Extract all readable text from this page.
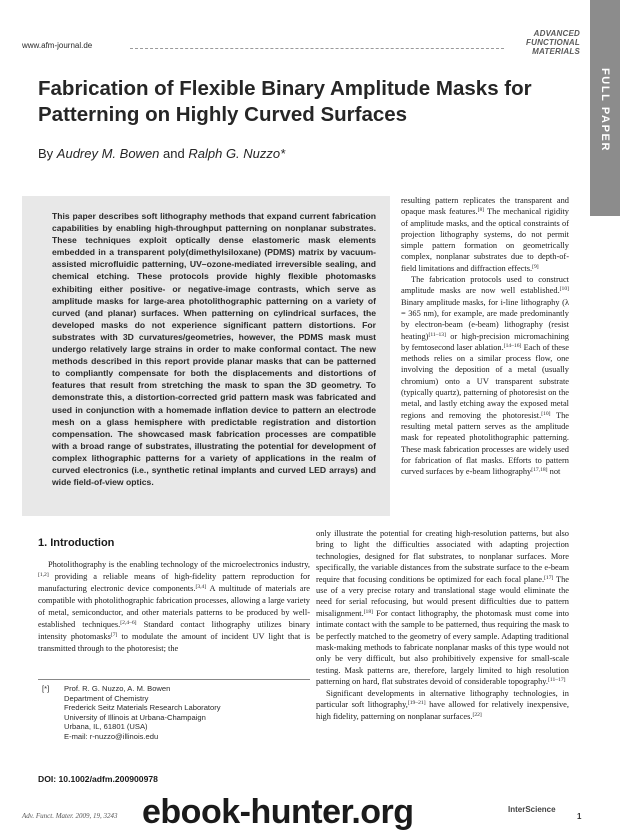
www.afm-journal.de
ADVANCED
FUNCTIONAL
MATERIALS
FULL PAPER
Fabrication of Flexible Binary Amplitude Masks for Patterning on Highly Curved Surfaces
By Audrey M. Bowen and Ralph G. Nuzzo*
This paper describes soft lithography methods that expand current fabrication capabilities by enabling high-throughput patterning on nonplanar substrates. These techniques exploit optically dense elastomeric mask elements embedded in a transparent poly(dimethylsiloxane) (PDMS) matrix by vacuum-assisted microfluidic patterning, UV–ozone-mediated irreversible sealing, and chemical etching. These protocols provide highly flexible photomasks exhibiting either positive- or negative-image contrasts, which serve as amplitude masks for large-area photolithographic patterning on a variety of curved (and planar) surfaces. When patterning on cylindrical surfaces, the developed masks do not experience significant pattern distortions. For substrates with 3D curvatures/geometries, however, the PDMS mask must undergo relatively large strains in order to make conformal contact. The new methods described in this report provide planar masks that can be patterned to compliantly compensate for both the displacements and distortions of features that result from stretching the mask to span the 3D geometry. To demonstrate this, a distortion-corrected grid pattern mask was fabricated and used in conjunction with a homemade inflation device to pattern an electrode mesh on a glass hemisphere with predictable registration and distortion compensation. The showcased mask fabrication processes are compatible with a broad range of substrates, illustrating the potential for development of complex lithographic patterns for a variety of applications in the realm of curved electronics (i.e., synthetic retinal implants and curved LED arrays) and wide field-of-view optics.
1. Introduction

Photolithography is the enabling technology of the microelectronics industry,[1,2] providing a reliable means of high-fidelity pattern reproduction for manufacturing electronic device components.[3,4] A multitude of materials are compatible with photolithographic fabrication processes, allowing a large variety of metal, semiconductor, and other materials patterns to be produced by well-established techniques.[2,4–6] Standard contact lithography utilizes binary intensity photomasks[7] to modulate the amount of incident UV light that is transmitted through to the photoresist; the

resulting pattern replicates the transparent and opaque mask features.[8] The mechanical rigidity of amplitude masks, and the optical constraints of projection lithography systems, do not permit simple pattern formation on geometrically complex, nonplanar substrates due to depth-of-field limitations and diffraction effects.[9]

The fabrication protocols used to construct amplitude masks are now well established.[10] Binary amplitude masks, for i-line lithography (λ = 365 nm), for example, are made predominantly by electron-beam (e-beam) lithography (resist heating)[11–13] or high-precision micromachining by femtosecond laser ablation.[14–16] Each of these methods relies on a similar process flow, one involving the deposition of a metal (usually chromium) onto a UV transparent substrate (typically quartz), patterning of photoresist on the metal, and lastly etching away the exposed metal regions and removing the photoresist.[10] The resulting metal pattern serves as the amplitude mask for repeated photolithographic patterning. These mask fabrication processes are widely used for fabrication of flat masks. Efforts to pattern curved surfaces by e-beam lithography[17,18] not

only illustrate the potential for creating high-resolution patterns, but also bring to light the difficulties associated with adapting projection technologies, designed for flat substrates, to nonplanar surfaces. More specifically, the variable distances from the substrate surface to the e-beam require that focusing conditions be optimized for each focal plane.[17] The use of a very precise rotary and translational stage would eliminate the need for serial refocusing, but would present difficulties due to pattern misalignment.[18] For contact lithography, the photomask must come into intimate contact with the sample to be patterned, thus requiring the mask to be perfectly matched to the geometry of every sample. Adapting traditional mask-making methods to fabricate nonplanar masks of this type would not only be very difficult, but also prohibitively expensive for small-scale testing. Mask patterns are, therefore, largely limited to high resolution patterning on hard, flat substrates devoid of considerable topography.[11–17]

Significant developments in alternative lithography technologies, in particular soft lithography,[19–21] have allowed for relatively inexpensive, high fidelity, patterning on nonplanar surfaces.[22]

[*] Prof. R. G. Nuzzo, A. M. Bowen
Department of Chemistry
Frederick Seitz Materials Research Laboratory
University of Illinois at Urbana-Champaign
Urbana, IL, 61801 (USA)
E-mail: r-nuzzo@illinois.edu
DOI: 10.1002/adfm.200900978
Adv. Funct. Mater. 2009, 19, 3243
InterScience
1
ebook-hunter.org
